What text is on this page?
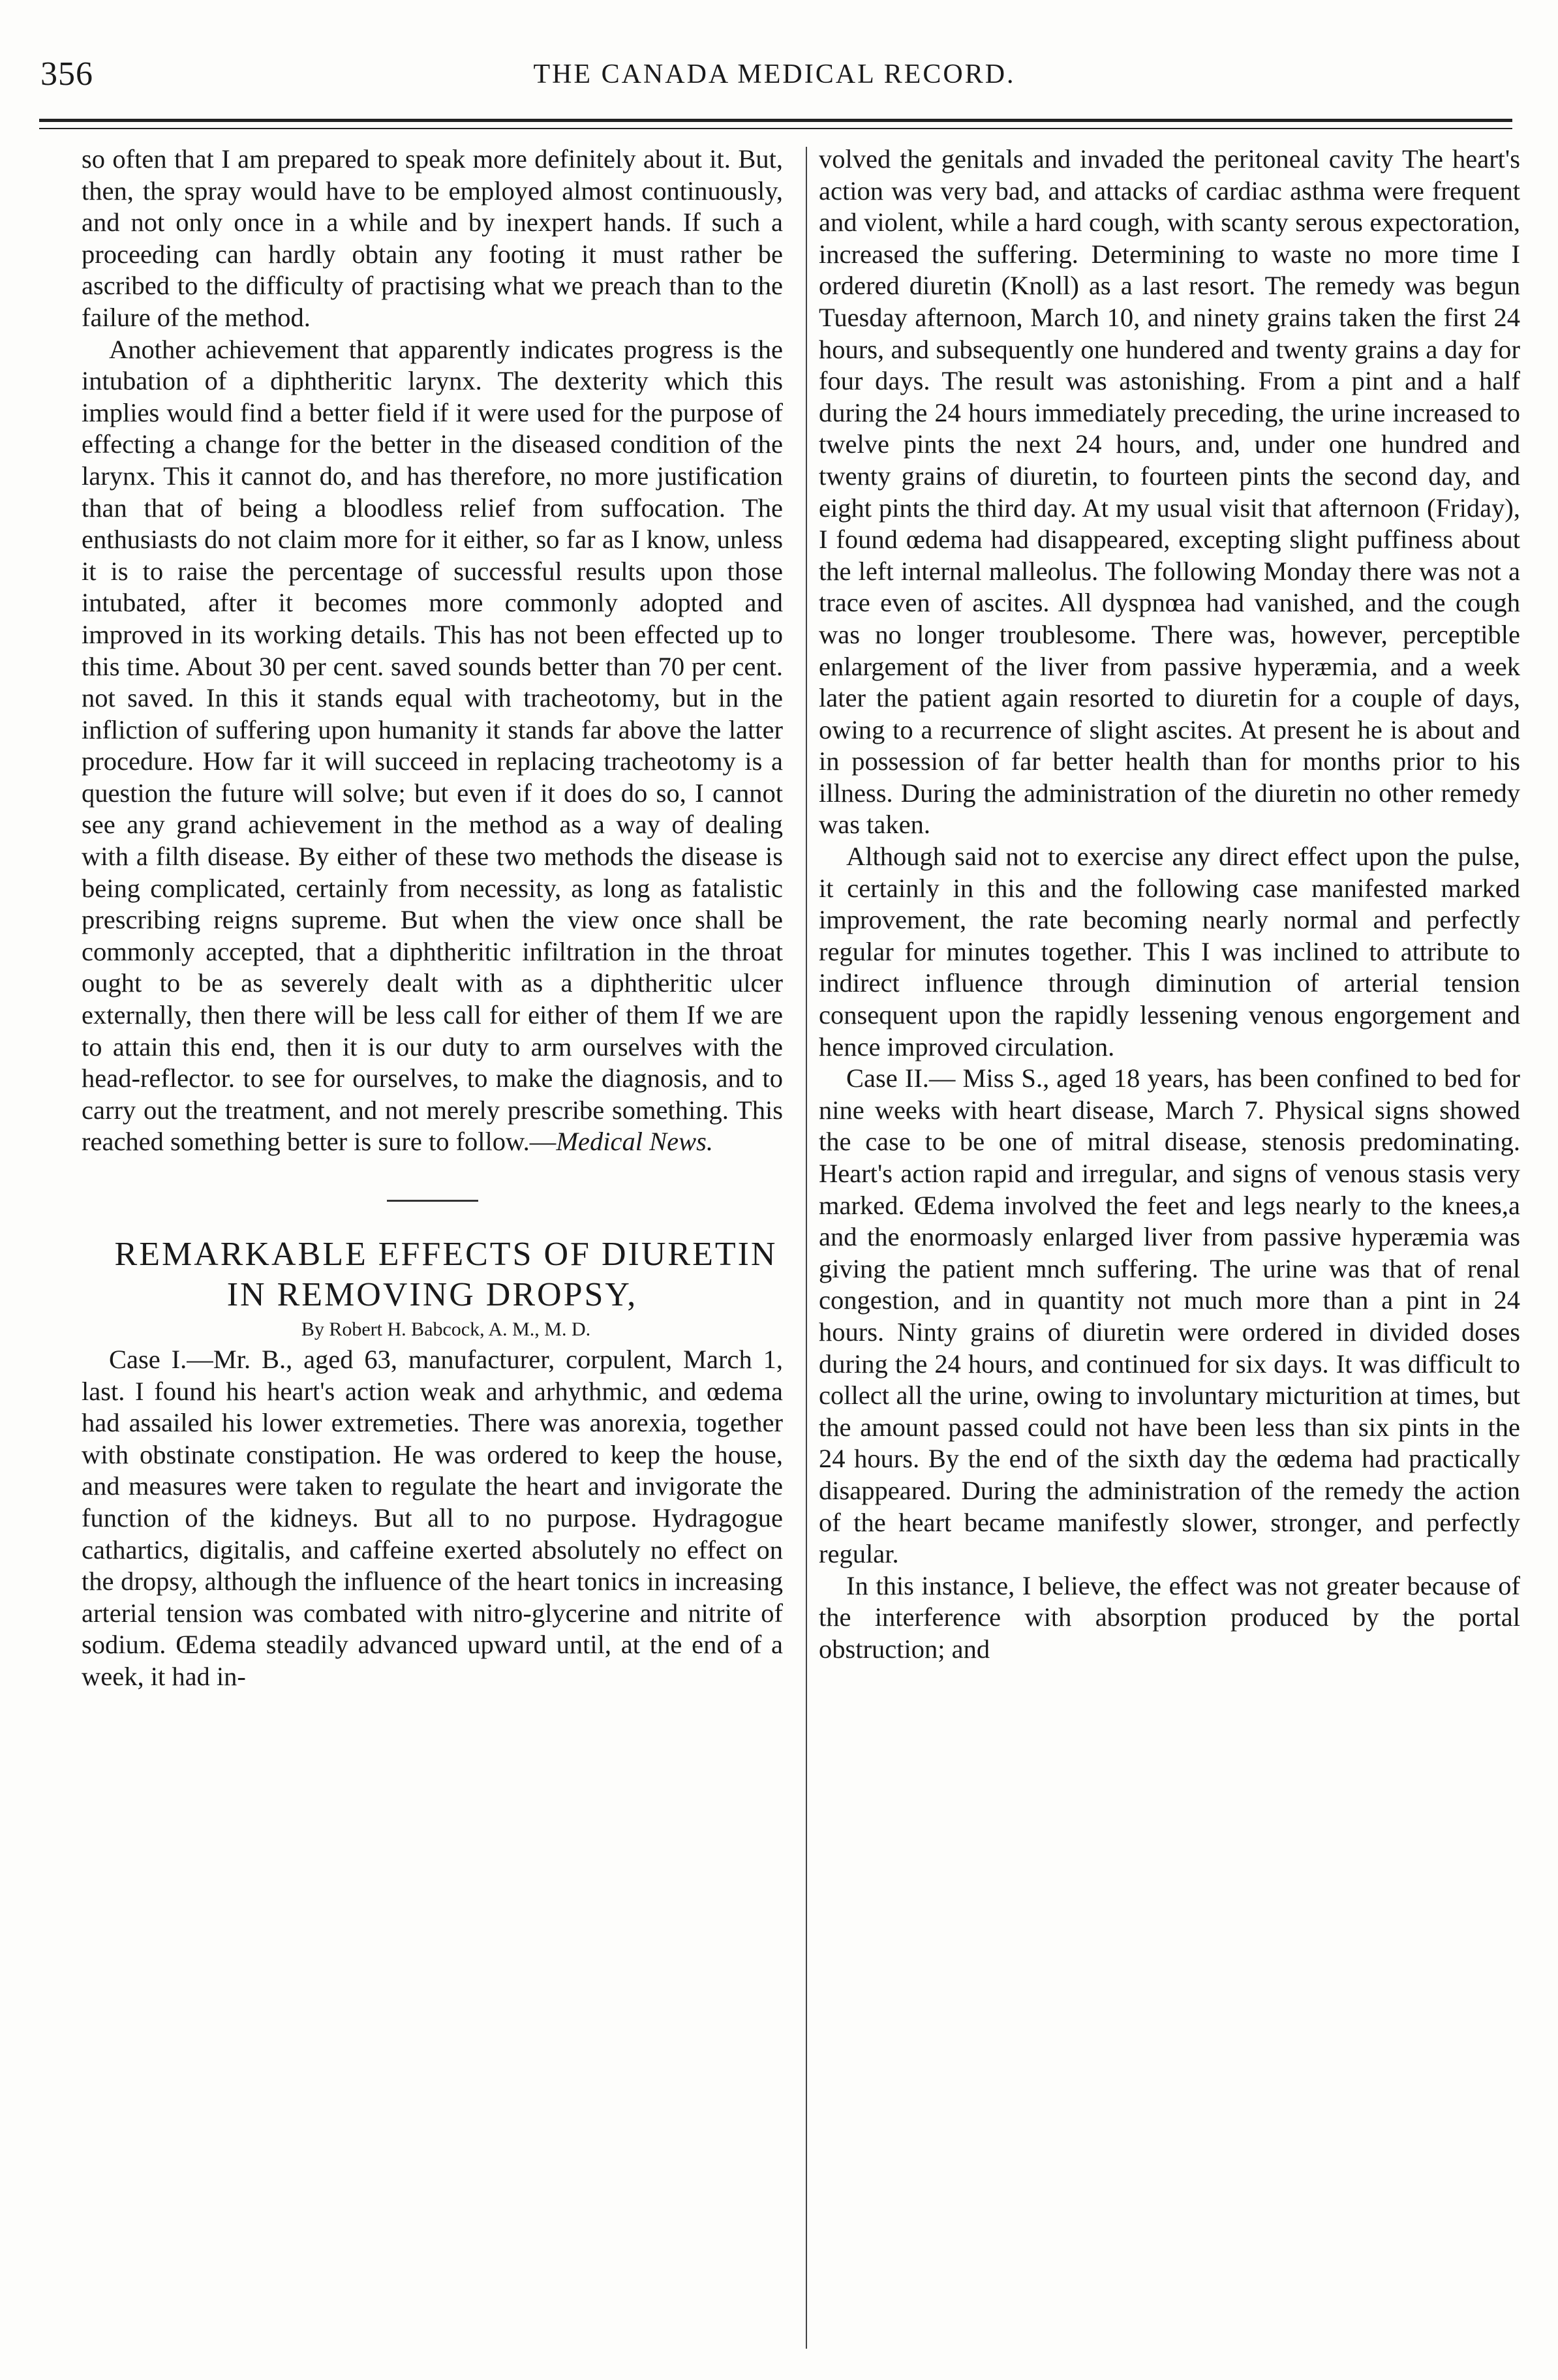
356	THE CANADA MEDICAL RECORD.

so often that I am prepared to speak more definitely about it. But, then, the spray would have to be employed almost continuously, and not only once in a while and by inexpert hands. If such a proceeding can hardly obtain any footing it must rather be ascribed to the difficulty of practising what we preach than to the failure of the method.

Another achievement that apparently indicates progress is the intubation of a diphtheritic larynx. The dexterity which this implies would find a better field if it were used for the purpose of effecting a change for the better in the diseased condition of the larynx. This it cannot do, and has therefore, no more justification than that of being a bloodless relief from suffocation. The enthusiasts do not claim more for it either, so far as I know, unless it is to raise the percentage of successful results upon those intubated, after it becomes more commonly adopted and improved in its working details. This has not been effected up to this time. About 30 per cent. saved sounds better than 70 per cent. not saved. In this it stands equal with tracheotomy, but in the infliction of suffering upon humanity it stands far above the latter procedure. How far it will succeed in replacing tracheotomy is a question the future will solve; but even if it does do so, I cannot see any grand achievement in the method as a way of dealing with a filth disease. By either of these two methods the disease is being complicated, certainly from necessity, as long as fatalistic prescribing reigns supreme. But when the view once shall be commonly accepted, that a diphtheritic infiltration in the throat ought to be as severely dealt with as a diphtheritic ulcer externally, then there will be less call for either of them If we are to attain this end, then it is our duty to arm ourselves with the head-reflector. to see for ourselves, to make the diagnosis, and to carry out the treatment, and not merely prescribe something. This reached something better is sure to follow.—Medical News.

REMARKABLE EFFECTS OF DIURETIN IN REMOVING DROPSY,

By Robert H. Babcock, A. M., M. D.

Case I.—Mr. B., aged 63, manufacturer, corpulent, March 1, last. I found his heart's action weak and arhythmic, and œdema had assailed his lower extremeties. There was anorexia, together with obstinate constipation. He was ordered to keep the house, and measures were taken to regulate the heart and invigorate the function of the kidneys. But all to no purpose. Hydragogue cathartics, digitalis, and caffeine exerted absolutely no effect on the dropsy, although the influence of the heart tonics in increasing arterial tension was combated with nitro-glycerine and nitrite of sodium. Œdema steadily advanced upward until, at the end of a week, it had in-

volved the genitals and invaded the peritoneal cavity The heart's action was very bad, and attacks of cardiac asthma were frequent and violent, while a hard cough, with scanty serous expectoration, increased the suffering. Determining to waste no more time I ordered diuretin (Knoll) as a last resort. The remedy was begun Tuesday afternoon, March 10, and ninety grains taken the first 24 hours, and subsequently one hundered and twenty grains a day for four days. The result was astonishing. From a pint and a half during the 24 hours immediately preceding, the urine increased to twelve pints the next 24 hours, and, under one hundred and twenty grains of diuretin, to fourteen pints the second day, and eight pints the third day. At my usual visit that afternoon (Friday), I found œdema had disappeared, excepting slight puffiness about the left internal malleolus. The following Monday there was not a trace even of ascites. All dyspnœa had vanished, and the cough was no longer troublesome. There was, however, perceptible enlargement of the liver from passive hyperæmia, and a week later the patient again resorted to diuretin for a couple of days, owing to a recurrence of slight ascites. At present he is about and in possession of far better health than for months prior to his illness. During the administration of the diuretin no other remedy was taken.

Although said not to exercise any direct effect upon the pulse, it certainly in this and the following case manifested marked improvement, the rate becoming nearly normal and perfectly regular for minutes together. This I was inclined to attribute to indirect influence through diminution of arterial tension consequent upon the rapidly lessening venous engorgement and hence improved circulation.

Case II.— Miss S., aged 18 years, has been confined to bed for nine weeks with heart disease, March 7. Physical signs showed the case to be one of mitral disease, stenosis predominating. Heart's action rapid and irregular, and signs of venous stasis very marked. Œdema involved the feet and legs nearly to the knees,a and the enormoasly enlarged liver from passive hyperæmia was giving the patient mnch suffering. The urine was that of renal congestion, and in quantity not much more than a pint in 24 hours. Ninty grains of diuretin were ordered in divided doses during the 24 hours, and continued for six days. It was difficult to collect all the urine, owing to involuntary micturition at times, but the amount passed could not have been less than six pints in the 24 hours. By the end of the sixth day the œdema had practically disappeared. During the administration of the remedy the action of the heart became manifestly slower, stronger, and perfectly regular.

In this instance, I believe, the effect was not greater because of the interference with absorption produced by the portal obstruction; and
